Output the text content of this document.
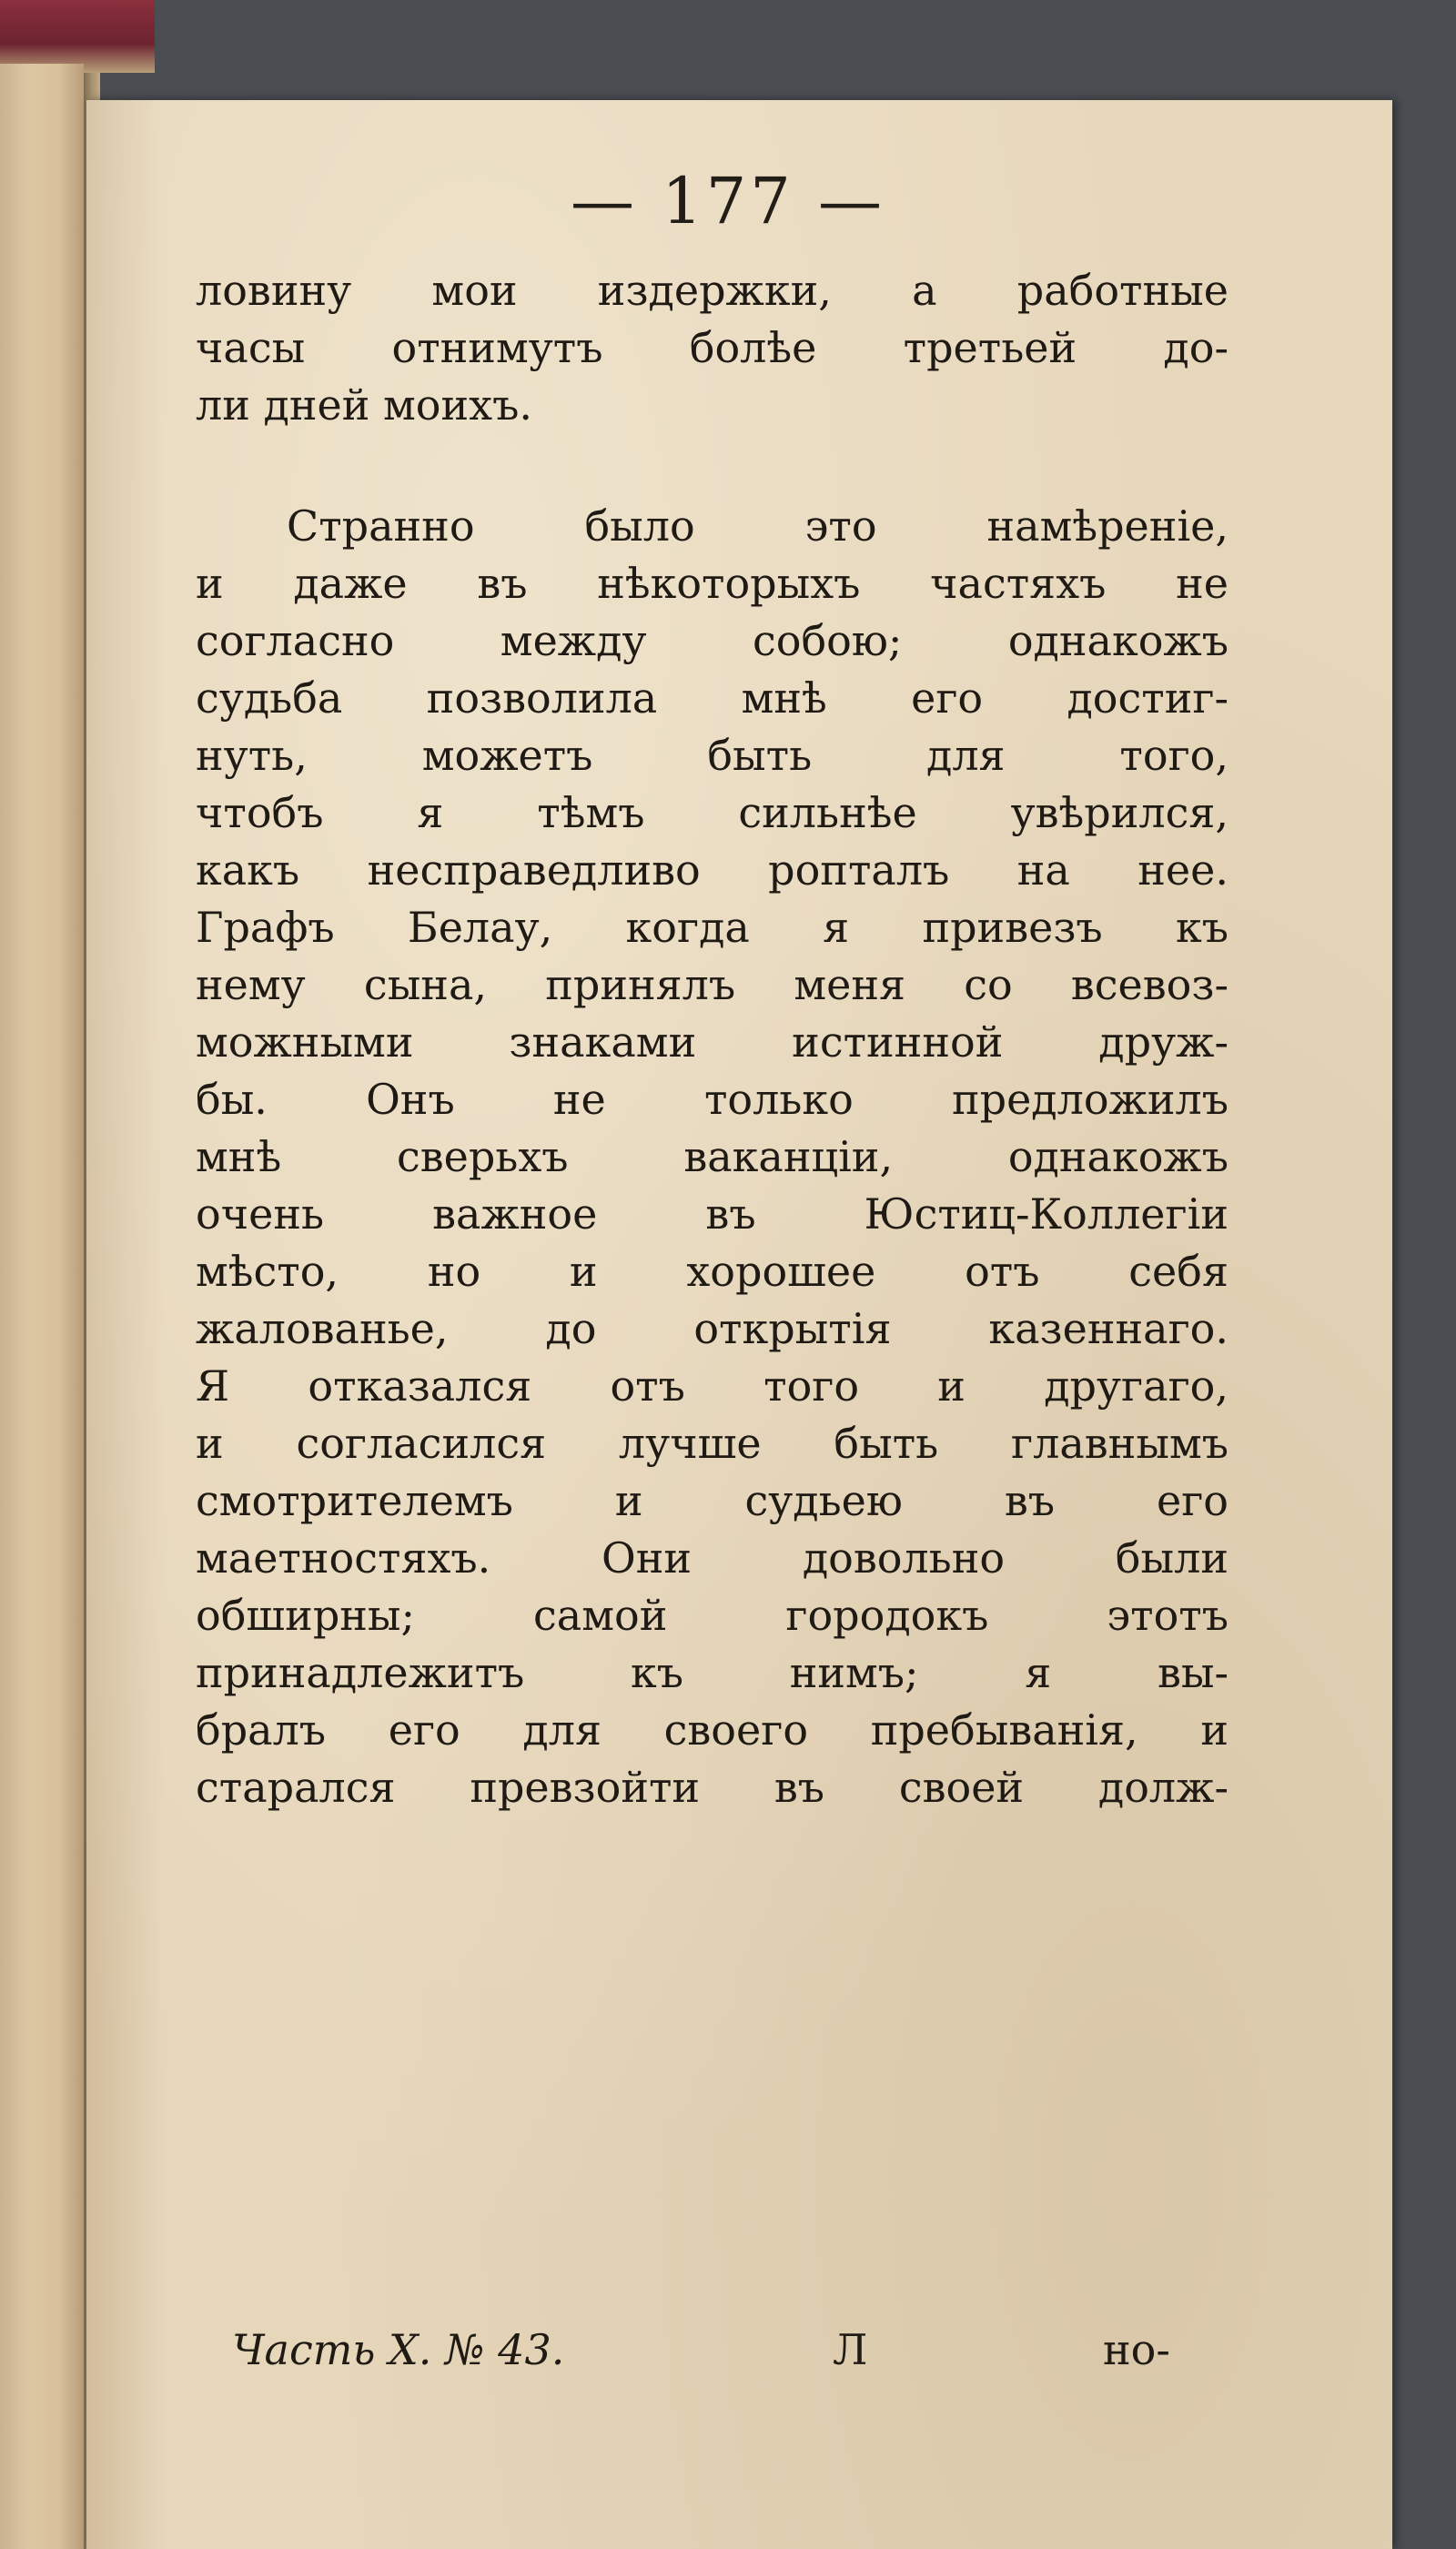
— 177 —
ловину мои издержки, а работные
часы отнимутъ болѣе третьей до-
ли дней моихъ.
Странно было это намѣреніе,
и даже въ нѣкоторыхъ частяхъ не
согласно между собою; однакожъ
судьба позволила мнѣ его достиг-
нуть, можетъ быть для того,
чтобъ я тѣмъ сильнѣе увѣрился,
какъ несправедливо ропталъ на нее.
Графъ Белау, когда я привезъ къ
нему сына, принялъ меня со всевоз-
можными знаками истинной друж-
бы. Онъ не только предложилъ
мнѣ сверьхъ ваканціи, однакожъ
очень важное въ Юстиц-Коллегіи
мѣсто, но и хорошее отъ себя
жалованье, до открытія казеннаго.
Я отказался отъ того и другаго,
и согласился лучше быть главнымъ
смотрителемъ и судьею въ его
маетностяхъ. Они довольно были
обширны; самой городокъ этотъ
принадлежитъ къ нимъ; я вы-
бралъ его для своего пребыванія, и
старался превзойти въ своей долж-
Часть X. № 43.	Л	но-
